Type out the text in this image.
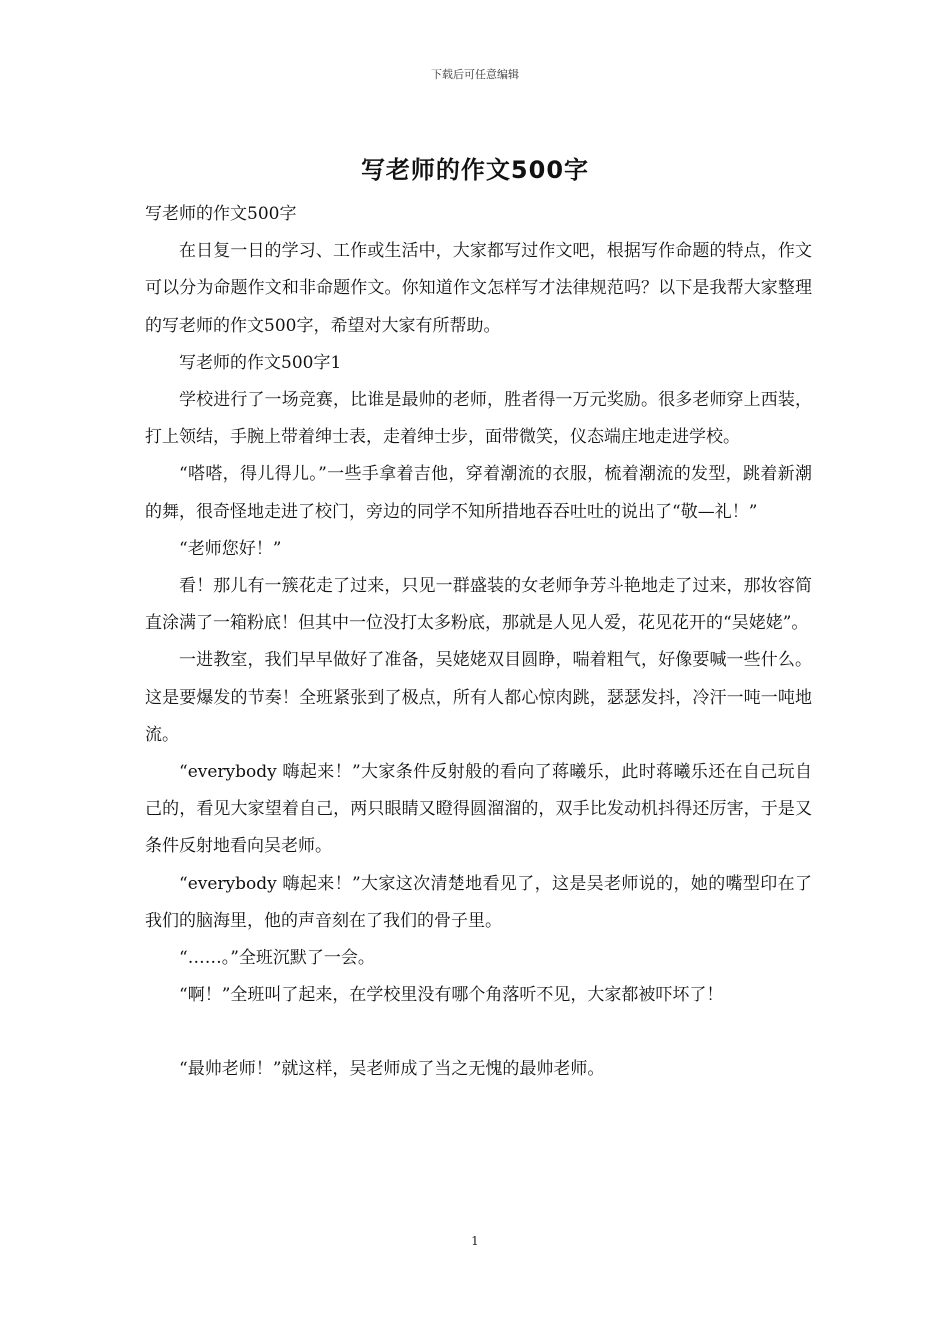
下载后可任意编辑
写老师的作文500字

写老师的作文500字

在日复一日的学习、工作或生活中，大家都写过作文吧，根据写作命题的特点，作文可以分为命题作文和非命题作文。你知道作文怎样写才法律规范吗？以下是我帮大家整理的写老师的作文500字，希望对大家有所帮助。

写老师的作文500字1

学校进行了一场竞赛，比谁是最帅的老师，胜者得一万元奖励。很多老师穿上西装，打上领结，手腕上带着绅士表，走着绅士步，面带微笑，仪态端庄地走进学校。

“嗒嗒，得儿得儿。”一些手拿着吉他，穿着潮流的衣服，梳着潮流的发型，跳着新潮的舞，很奇怪地走进了校门，旁边的同学不知所措地吞吞吐吐的说出了“敬—礼！”

“老师您好！”

看！那儿有一簇花走了过来，只见一群盛装的女老师争芳斗艳地走了过来，那妆容简直涂满了一箱粉底！但其中一位没打太多粉底，那就是人见人爱，花见花开的“吴姥姥”。

一进教室，我们早早做好了准备，吴姥姥双目圆睁，喘着粗气，好像要喊一些什么。这是要爆发的节奏！全班紧张到了极点，所有人都心惊肉跳，瑟瑟发抖，冷汗一吨一吨地流。

“everybody 嗨起来！”大家条件反射般的看向了蒋曦乐，此时蒋曦乐还在自己玩自己的，看见大家望着自己，两只眼睛又瞪得圆溜溜的，双手比发动机抖得还厉害，于是又条件反射地看向吴老师。

“everybody 嗨起来！”大家这次清楚地看见了，这是吴老师说的，她的嘴型印在了我们的脑海里，他的声音刻在了我们的骨子里。

“……。”全班沉默了一会。

“啊！”全班叫了起来，在学校里没有哪个角落听不见，大家都被吓坏了！

“最帅老师！”就这样，吴老师成了当之无愧的最帅老师。

1
